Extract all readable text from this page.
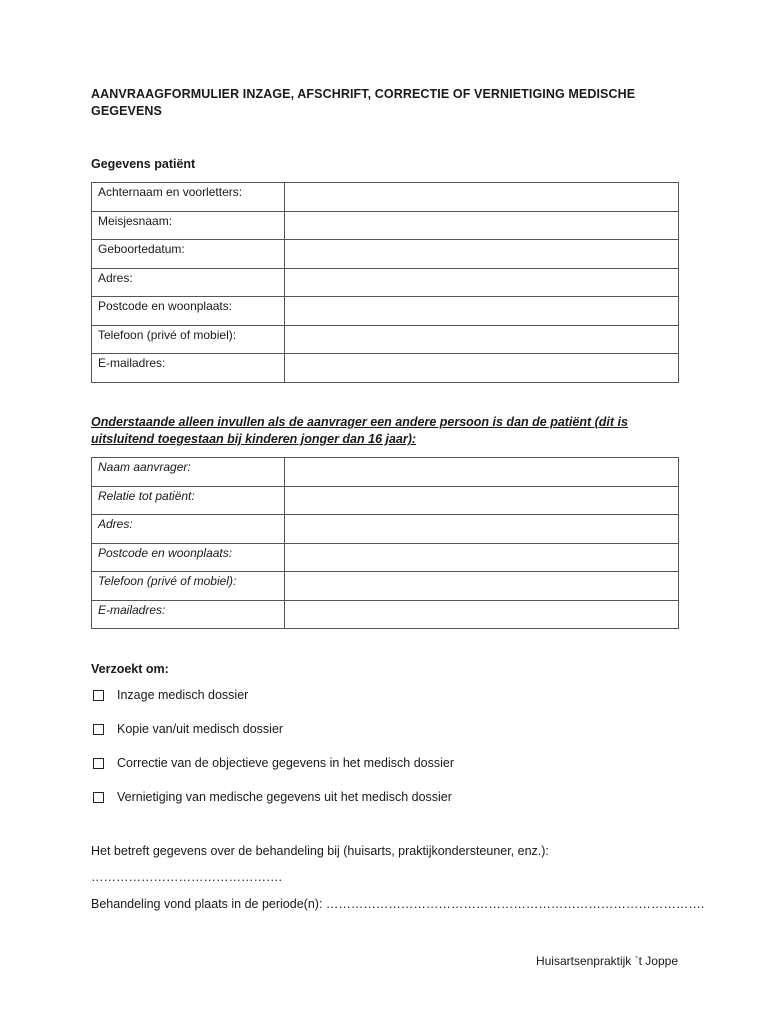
AANVRAAGFORMULIER INZAGE, AFSCHRIFT, CORRECTIE OF VERNIETIGING MEDISCHE GEGEVENS
Gegevens patiënt
Achternaam en voorletters:	
Meisjesnaam:	
Geboortedatum:	
Adres:	
Postcode en woonplaats:	
Telefoon (privé of mobiel):	
E-mailadres:	
Onderstaande alleen invullen als de aanvrager een andere persoon is dan de patiënt (dit is uitsluitend toegestaan bij kinderen jonger dan 16 jaar):
Naam aanvrager:	
Relatie tot patiënt:	
Adres:	
Postcode en woonplaats:	
Telefoon (privé of mobiel):	
E-mailadres:	
Verzoekt om:
Inzage medisch dossier
Kopie van/uit medisch dossier
Correctie van de objectieve gegevens in het medisch dossier
Vernietiging van medische gegevens uit het medisch dossier
Het betreft gegevens over de behandeling bij (huisarts, praktijkondersteuner, enz.):
……………………………………….
Behandeling vond plaats in de periode(n): ……………………………………………………………………………….
Huisartsenpraktijk `t Joppe
